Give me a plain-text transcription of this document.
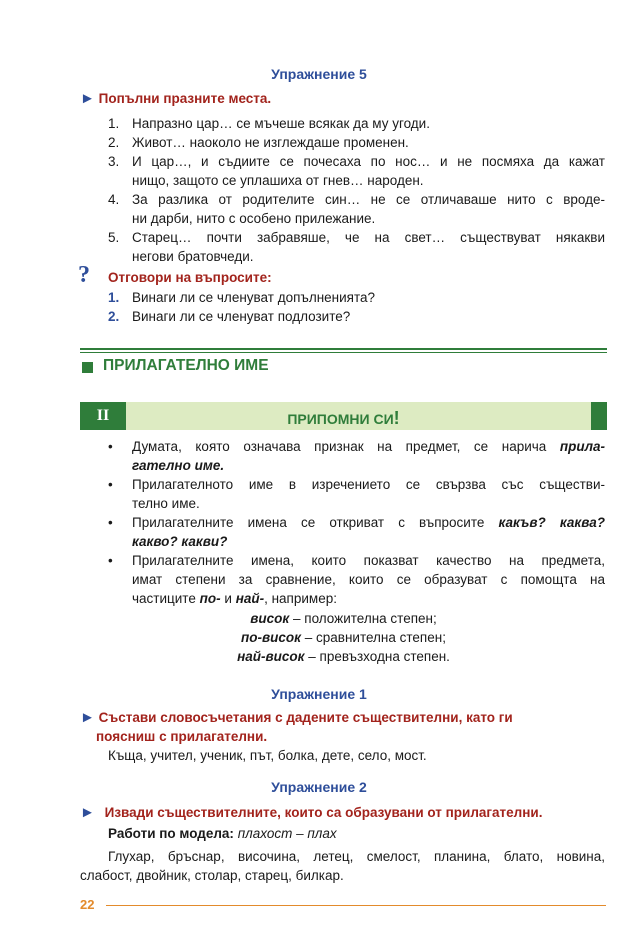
Упражнение 5
► Попълни празните места.
1. Напразно цар… се мъчеше всякак да му угоди.
2. Живот… наоколо не изглеждаше променен.
3. И цар…, и съдиите се почесаха по нос… и не посмяха да кажат
нищо, защото се уплашиха от гнев… народен.
4. За разлика от родителите син… не се отличаваше нито с вроде-
ни дарби, нито с особено прилежание.
5. Старец… почти забравяше, че на свет… съществуват някакви
негови братовчеди.
? Отговори на въпросите:
1. Винаги ли се членуват допълненията?
2. Винаги ли се членуват подлозите?
ПРИЛАГАТЕЛНО ИМЕ
II	ПРИПОМНИ СИ!
•	Думата, която означава признак на предмет, се нарича прила-
гателно име.
•	Прилагателното име в изречението се свързва със съществи-
телно име.
•	Прилагателните имена се откриват с въпросите какъв? каква?
какво? какви?
•	Прилагателните имена, които показват качество на предмета,
имат степени за сравнение, които се образуват с помощта на
частиците по- и най-, например:
висок – положителна степен;
по-висок – сравнителна степен;
най-висок – превъзходна степен.
Упражнение 1
► Състави словосъчетания с дадените съществителни, като ги
поясниш с прилагателни.
Къща, учител, ученик, път, болка, дете, село, мост.
Упражнение 2
► Извади съществителните, които са образувани от прилагателни.
Работи по модела: плахост – плах
Глухар, бръснар, височина, летец, смелост, планина, блато, новина,
слабост, двойник, столар, старец, билкар.
22
